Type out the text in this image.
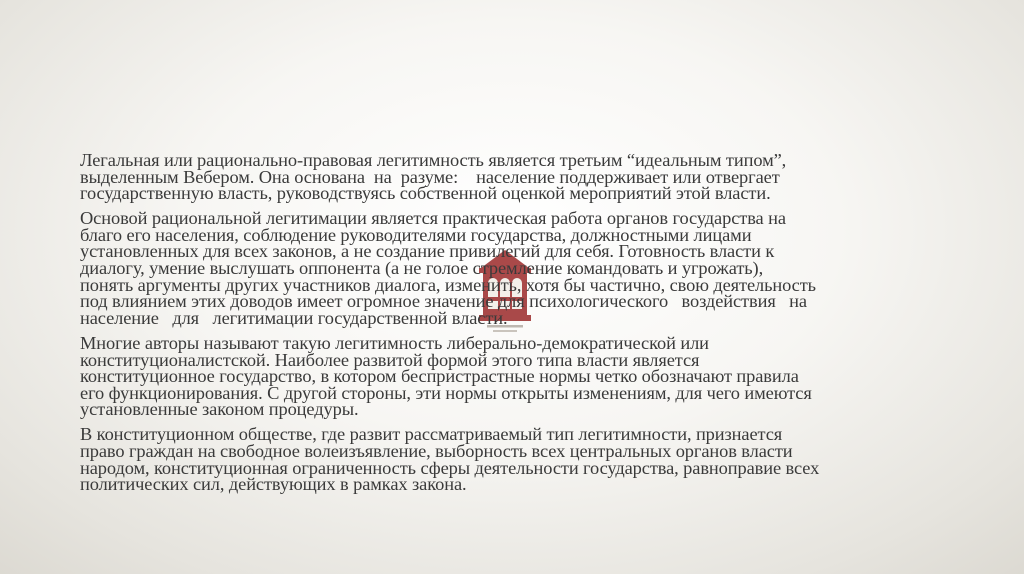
Легальная или рационально-правовая легитимность является третьим “идеальным типом”,
выделенным Вебером. Она основана  на  разуме:    население поддерживает или отвергает
государственную власть, руководствуясь собственной оценкой мероприятий этой власти.

Основой рациональной легитимации является практическая работа органов государства на
благо его населения, соблюдение руководителями государства, должностными лицами
установленных для всех законов, а не создание привилегий для себя. Готовность власти к
диалогу, умение выслушать оппонента (а не голое стремление командовать и угрожать),
понять аргументы других участников диалога, изменить, хотя бы частично, свою деятельность
под влиянием этих доводов имеет огромное значение для психологического   воздействия   на
население   для   легитимации государственной власти.

Многие авторы называют такую легитимность либерально-демократической или
конституционалистской. Наиболее развитой формой этого типа власти является
конституционное государство, в котором беспристрастные нормы четко обозначают правила
его функционирования. С другой стороны, эти нормы открыты изменениям, для чего имеются
установленные законом процедуры.

В конституционном обществе, где развит рассматриваемый тип легитимности, признается
право граждан на свободное волеизъявление, выборность всех центральных органов власти
народом, конституционная ограниченность сферы деятельности государства, равноправие всех
политических сил, действующих в рамках закона.
